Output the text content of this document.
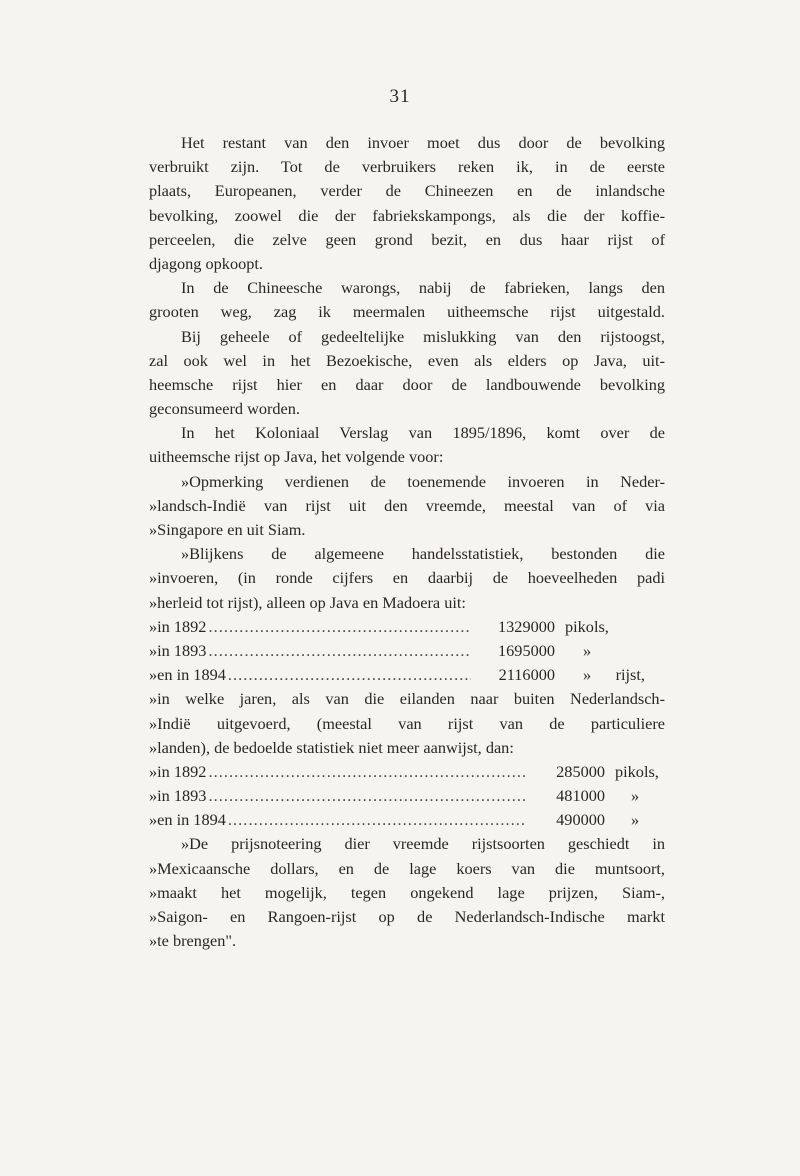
31
Het restant van den invoer moet dus door de bevolking
verbruikt zijn. Tot de verbruikers reken ik, in de eerste
plaats, Europeanen, verder de Chineezen en de inlandsche
bevolking, zoowel die der fabriekskampongs, als die der koffie-
perceelen, die zelve geen grond bezit, en dus haar rijst of
djagong opkoopt.
In de Chineesche warongs, nabij de fabrieken, langs den
grooten weg, zag ik meermalen uitheemsche rijst uitgestald.
Bij geheele of gedeeltelijke mislukking van den rijstoogst,
zal ook wel in het Bezoekische, even als elders op Java, uit-
heemsche rijst hier en daar door de landbouwende bevolking
geconsumeerd worden.
In het Koloniaal Verslag van 1895/1896, komt over de
uitheemsche rijst op Java, het volgende voor:
»Opmerking verdienen de toenemende invoeren in Neder-
»landsch-Indië van rijst uit den vreemde, meestal van of via
»Singapore en uit Siam.
»Blijkens de algemeene handelsstatistiek, bestonden die
»invoeren, (in ronde cijfers en daarbij de hoeveelheden padi
»herleid tot rijst), alleen op Java en Madoera uit:
»in 1892 . . .	1329000 pikols,
»in 1893 . . .	1695000	»
»en in 1894 . . .	2116000	»      rijst,
»in welke jaren, als van die eilanden naar buiten Nederlandsch-
»Indië uitgevoerd, (meestal van rijst van de particuliere
»landen), de bedoelde statistiek niet meer aanwijst, dan:
»in 1892 . . .	285000 pikols,
»in 1893 . . .	481000	»
»en in 1894 . . .	490000	»
»De prijsnoteering dier vreemde rijstsoorten geschiedt in
»Mexicaansche dollars, en de lage koers van die muntsoort,
»maakt het mogelijk, tegen ongekend lage prijzen, Siam-,
»Saigon- en Rangoen-rijst op de Nederlandsch-Indische markt
»te brengen".
